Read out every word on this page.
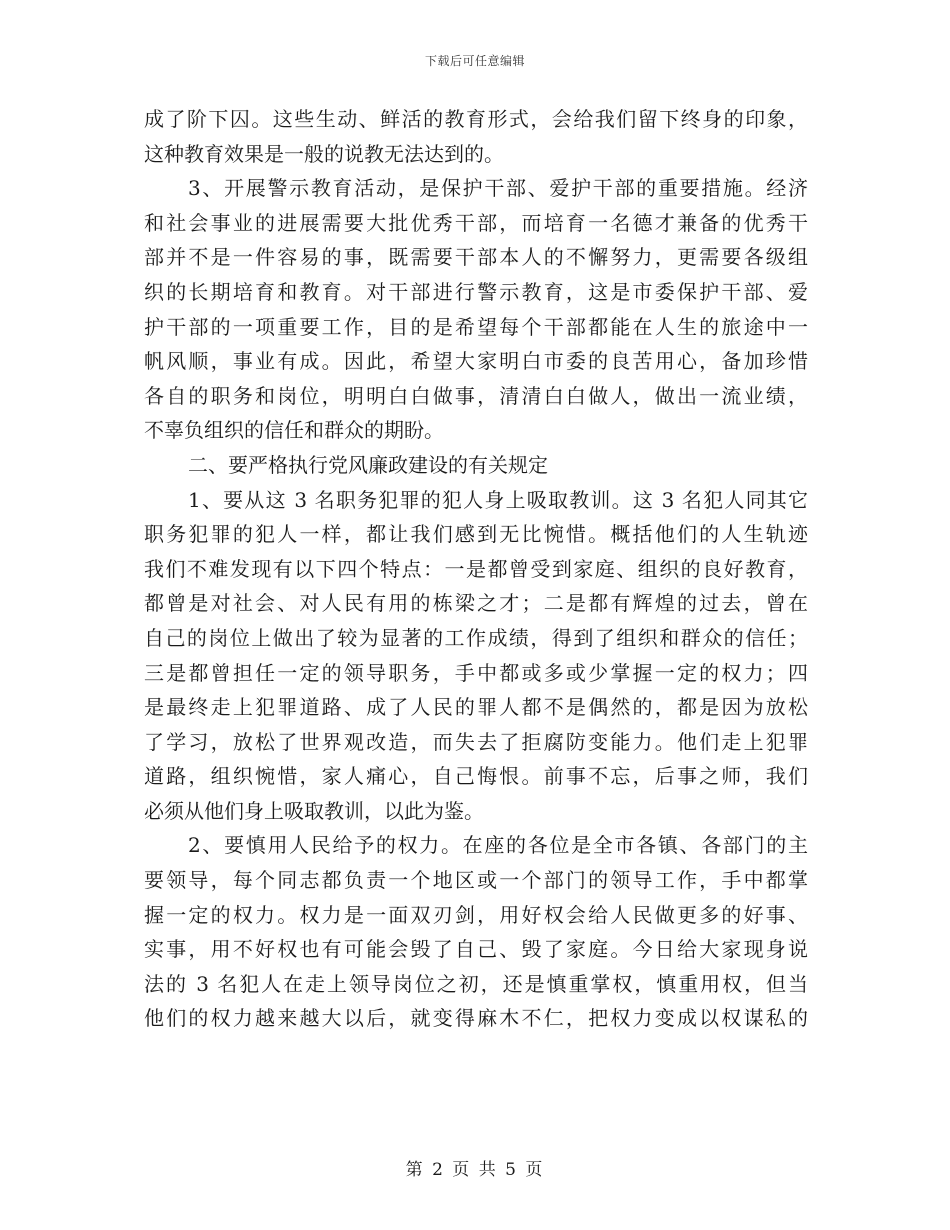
下载后可任意编辑
成了阶下囚。这些生动、鲜活的教育形式，会给我们留下终身的印象，
这种教育效果是一般的说教无法达到的。
3、开展警示教育活动，是保护干部、爱护干部的重要措施。经济
和社会事业的进展需要大批优秀干部，而培育一名德才兼备的优秀干
部并不是一件容易的事，既需要干部本人的不懈努力，更需要各级组
织的长期培育和教育。对干部进行警示教育，这是市委保护干部、爱
护干部的一项重要工作，目的是希望每个干部都能在人生的旅途中一
帆风顺，事业有成。因此，希望大家明白市委的良苦用心，备加珍惜
各自的职务和岗位，明明白白做事，清清白白做人，做出一流业绩，
不辜负组织的信任和群众的期盼。
二、要严格执行党风廉政建设的有关规定
1、要从这 3 名职务犯罪的犯人身上吸取教训。这 3 名犯人同其它
职务犯罪的犯人一样，都让我们感到无比惋惜。概括他们的人生轨迹
我们不难发现有以下四个特点：一是都曾受到家庭、组织的良好教育，
都曾是对社会、对人民有用的栋梁之才；二是都有辉煌的过去，曾在
自己的岗位上做出了较为显著的工作成绩，得到了组织和群众的信任；
三是都曾担任一定的领导职务，手中都或多或少掌握一定的权力；四
是最终走上犯罪道路、成了人民的罪人都不是偶然的，都是因为放松
了学习，放松了世界观改造，而失去了拒腐防变能力。他们走上犯罪
道路，组织惋惜，家人痛心，自己悔恨。前事不忘，后事之师，我们
必须从他们身上吸取教训，以此为鉴。
2、要慎用人民给予的权力。在座的各位是全市各镇、各部门的主
要领导，每个同志都负责一个地区或一个部门的领导工作，手中都掌
握一定的权力。权力是一面双刃剑，用好权会给人民做更多的好事、
实事，用不好权也有可能会毁了自己、毁了家庭。今日给大家现身说
法的 3 名犯人在走上领导岗位之初，还是慎重掌权，慎重用权，但当
他们的权力越来越大以后，就变得麻木不仁，把权力变成以权谋私的
第 2 页 共 5 页
